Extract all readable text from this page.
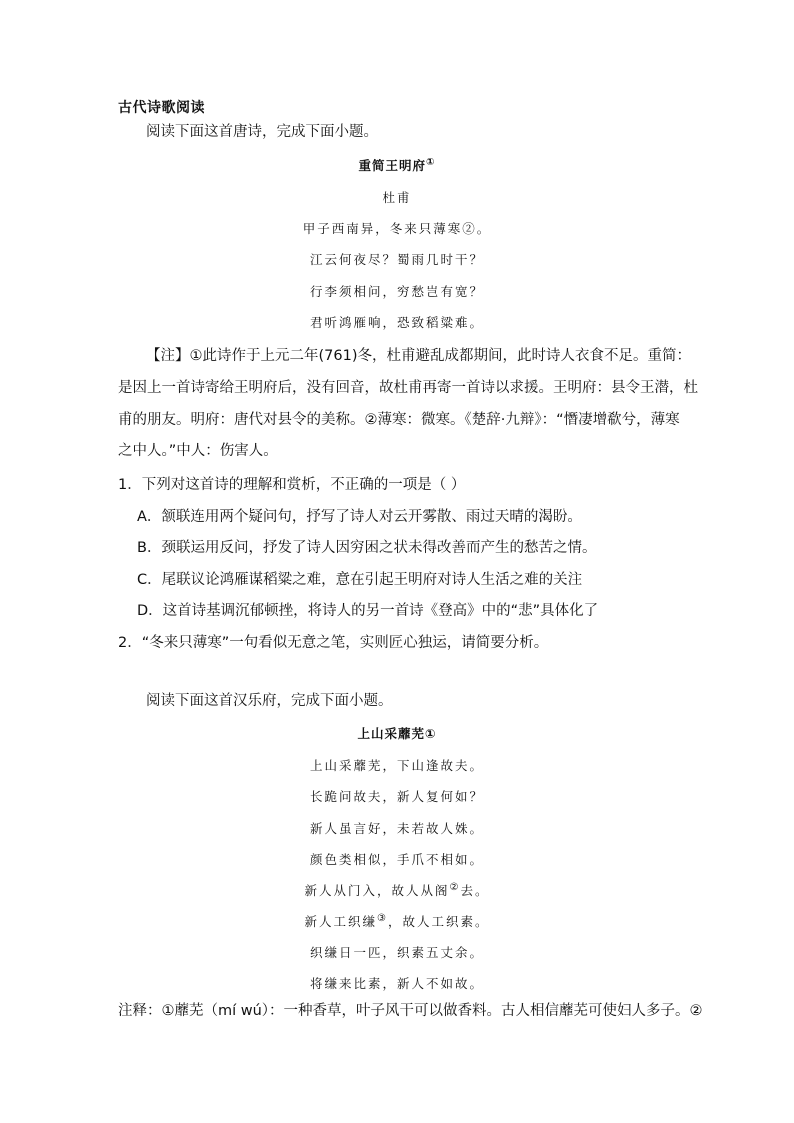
古代诗歌阅读
阅读下面这首唐诗，完成下面小题。
重简王明府①
杜甫
甲子西南异，冬来只薄寒②。
江云何夜尽？蜀雨几时干？
行李须相问，穷愁岂有宽？
君听鸿雁响，恐致稻粱难。
【注】①此诗作于上元二年(761)冬，杜甫避乱成都期间，此时诗人衣食不足。重简：
是因上一首诗寄给王明府后，没有回音，故杜甫再寄一首诗以求援。王明府：县令王潜，杜
甫的朋友。明府：唐代对县令的美称。②薄寒：微寒。《楚辞·九辩》：“憯凄增欷兮，薄寒
之中人。”中人：伤害人。
1．下列对这首诗的理解和赏析，不正确的一项是（ ）
A．颔联连用两个疑问句，抒写了诗人对云开雾散、雨过天晴的渴盼。
B．颈联运用反问，抒发了诗人因穷困之状未得改善而产生的愁苦之情。
C．尾联议论鸿雁谋稻粱之难，意在引起王明府对诗人生活之难的关注
D．这首诗基调沉郁顿挫，将诗人的另一首诗《登高》中的“悲”具体化了
2．“冬来只薄寒”一句看似无意之笔，实则匠心独运，请简要分析。
阅读下面这首汉乐府，完成下面小题。
上山采蘼芜①
上山采蘼芜，下山逢故夫。
长跪问故夫，新人复何如？
新人虽言好，未若故人姝。
颜色类相似，手爪不相如。
新人从门入，故人从阁②去。
新人工织缣③，故人工织素。
织缣日一匹，织素五丈余。
将缣来比素，新人不如故。
注释：①蘼芜（mí wú）：一种香草，叶子风干可以做香料。古人相信蘼芜可使妇人多子。②
